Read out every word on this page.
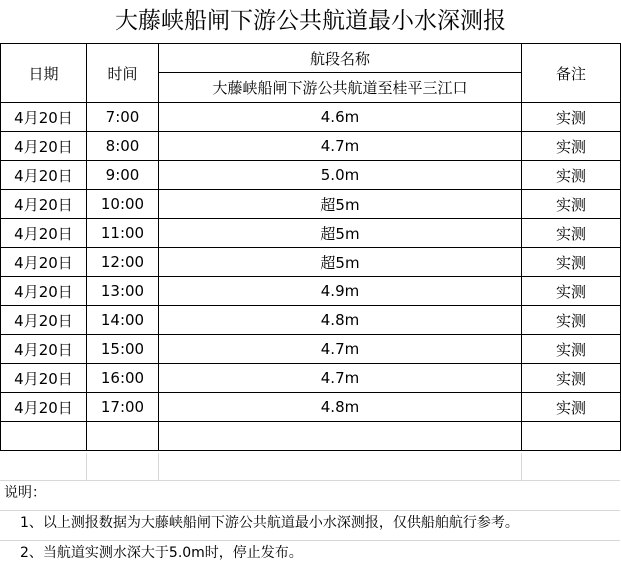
大藤峡船闸下游公共航道最小水深测报
日期	时间	航段名称	备注
		大藤峡船闸下游公共航道至桂平三江口	
4月20日	7:00	4.6m	实测
4月20日	8:00	4.7m	实测
4月20日	9:00	5.0m	实测
4月20日	10:00	超5m	实测
4月20日	11:00	超5m	实测
4月20日	12:00	超5m	实测
4月20日	13:00	4.9m	实测
4月20日	14:00	4.8m	实测
4月20日	15:00	4.7m	实测
4月20日	16:00	4.7m	实测
4月20日	17:00	4.8m	实测

说明：
1、以上测报数据为大藤峡船闸下游公共航道最小水深测报，仅供船舶航行参考。
2、当航道实测水深大于5.0m时，停止发布。
